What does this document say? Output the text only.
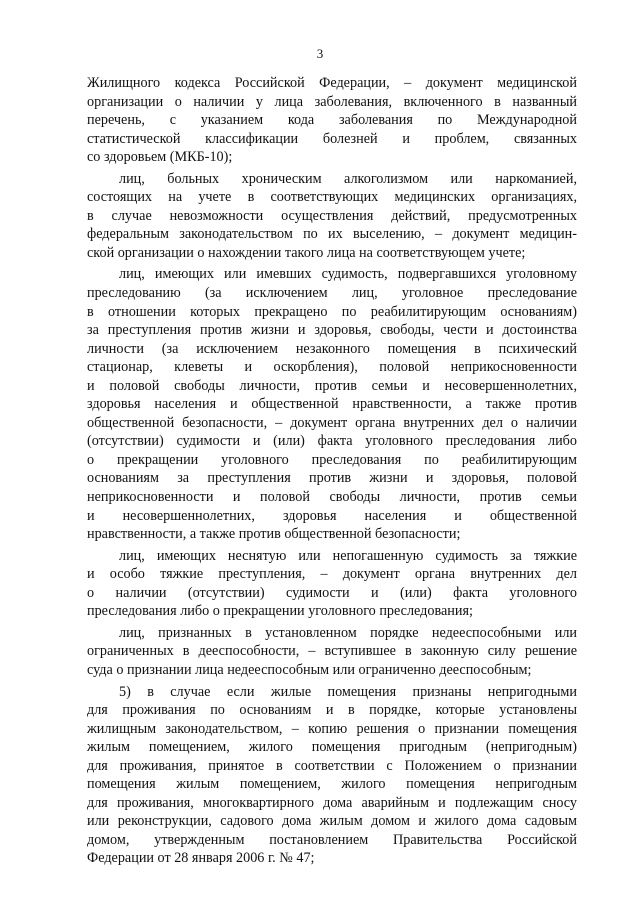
3
Жилищного кодекса Российской Федерации, – документ медицинской
организации о наличии у лица заболевания, включенного в названный
перечень, с указанием кода заболевания по Международной
статистической классификации болезней и проблем, связанных
со здоровьем (МКБ-10);
лиц, больных хроническим алкоголизмом или наркоманией,
состоящих на учете в соответствующих медицинских организациях,
в случае невозможности осуществления действий, предусмотренных
федеральным законодательством по их выселению, – документ медицин-
ской организации о нахождении такого лица на соответствующем учете;
лиц, имеющих или имевших судимость, подвергавшихся уголовному
преследованию (за исключением лиц, уголовное преследование
в отношении которых прекращено по реабилитирующим основаниям)
за преступления против жизни и здоровья, свободы, чести и достоинства
личности (за исключением незаконного помещения в психический
стационар, клеветы и оскорбления), половой неприкосновенности
и половой свободы личности, против семьи и несовершеннолетних,
здоровья населения и общественной нравственности, а также против
общественной безопасности, – документ органа внутренних дел о наличии
(отсутствии) судимости и (или) факта уголовного преследования либо
о прекращении уголовного преследования по реабилитирующим
основаниям за преступления против жизни и здоровья, половой
неприкосновенности и половой свободы личности, против семьи
и несовершеннолетних, здоровья населения и общественной
нравственности, а также против общественной безопасности;
лиц, имеющих неснятую или непогашенную судимость за тяжкие
и особо тяжкие преступления, – документ органа внутренних дел
о наличии (отсутствии) судимости и (или) факта уголовного
преследования либо о прекращении уголовного преследования;
лиц, признанных в установленном порядке недееспособными или
ограниченных в дееспособности, – вступившее в законную силу решение
суда о признании лица недееспособным или ограниченно дееспособным;
5) в случае если жилые помещения признаны непригодными
для проживания по основаниям и в порядке, которые установлены
жилищным законодательством, – копию решения о признании помещения
жилым помещением, жилого помещения пригодным (непригодным)
для проживания, принятое в соответствии с Положением о признании
помещения жилым помещением, жилого помещения непригодным
для проживания, многоквартирного дома аварийным и подлежащим сносу
или реконструкции, садового дома жилым домом и жилого дома садовым
домом, утвержденным постановлением Правительства Российской
Федерации от 28 января 2006 г. № 47;
